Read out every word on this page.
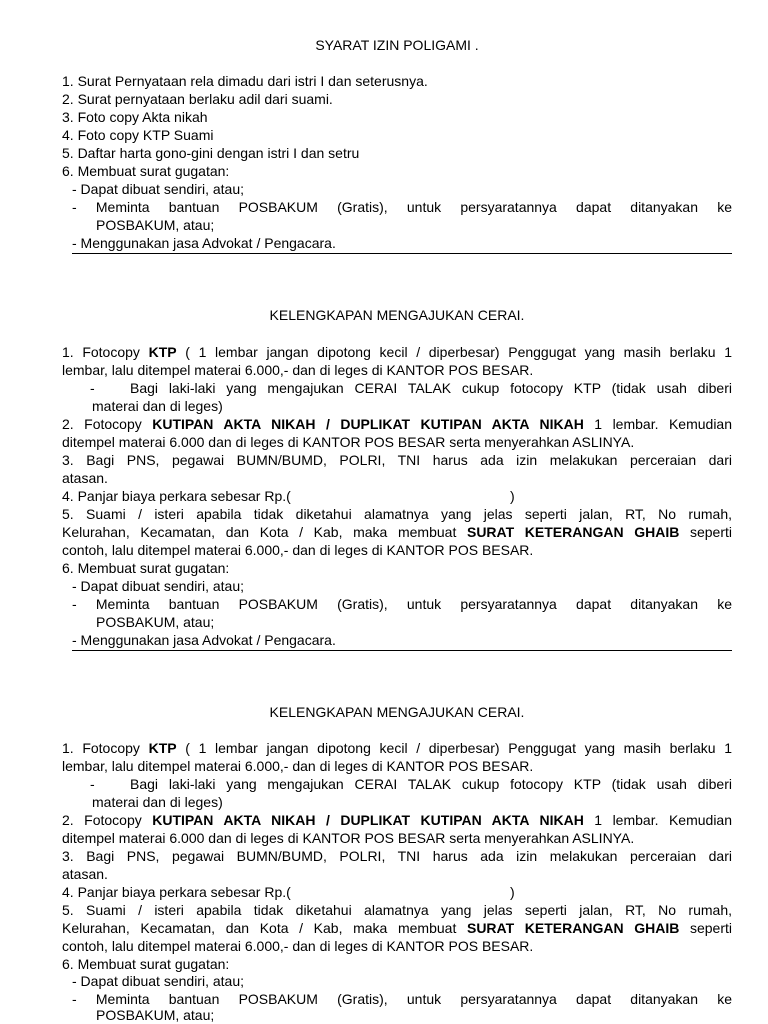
SYARAT IZIN POLIGAMI .
1. Surat Pernyataan rela dimadu dari istri I dan seterusnya.
2. Surat pernyataan berlaku adil dari suami.
3. Foto copy Akta nikah
4. Foto copy KTP Suami
5. Daftar harta gono-gini dengan istri I dan setru
6. Membuat surat gugatan:
- Dapat dibuat sendiri, atau;
- Meminta bantuan POSBAKUM (Gratis), untuk persyaratannya dapat ditanyakan ke
POSBAKUM, atau;
- Menggunakan jasa Advokat / Pengacara.
KELENGKAPAN MENGAJUKAN CERAI.
1. Fotocopy KTP ( 1 lembar jangan dipotong kecil / diperbesar) Penggugat yang masih berlaku 1
lembar, lalu ditempel materai 6.000,- dan di leges di KANTOR POS BESAR.
-	Bagi laki-laki yang mengajukan CERAI TALAK cukup fotocopy KTP (tidak usah diberi
materai dan di leges)
2. Fotocopy KUTIPAN AKTA NIKAH / DUPLIKAT KUTIPAN AKTA NIKAH 1 lembar. Kemudian
ditempel materai 6.000 dan di leges di KANTOR POS BESAR serta menyerahkan ASLINYA.
3. Bagi PNS, pegawai BUMN/BUMD, POLRI, TNI harus ada izin melakukan perceraian dari
atasan.
4. Panjar biaya perkara sebesar Rp.(	)
5. Suami / isteri apabila tidak diketahui alamatnya yang jelas seperti jalan, RT, No rumah,
Kelurahan, Kecamatan, dan Kota / Kab, maka membuat SURAT KETERANGAN GHAIB seperti
contoh, lalu ditempel materai 6.000,- dan di leges di KANTOR POS BESAR.
6. Membuat surat gugatan:
- Dapat dibuat sendiri, atau;
- Meminta bantuan POSBAKUM (Gratis), untuk persyaratannya dapat ditanyakan ke
POSBAKUM, atau;
- Menggunakan jasa Advokat / Pengacara.
KELENGKAPAN MENGAJUKAN CERAI.
1. Fotocopy KTP ( 1 lembar jangan dipotong kecil / diperbesar) Penggugat yang masih berlaku 1
lembar, lalu ditempel materai 6.000,- dan di leges di KANTOR POS BESAR.
-	Bagi laki-laki yang mengajukan CERAI TALAK cukup fotocopy KTP (tidak usah diberi
materai dan di leges)
2. Fotocopy KUTIPAN AKTA NIKAH / DUPLIKAT KUTIPAN AKTA NIKAH 1 lembar. Kemudian
ditempel materai 6.000 dan di leges di KANTOR POS BESAR serta menyerahkan ASLINYA.
3. Bagi PNS, pegawai BUMN/BUMD, POLRI, TNI harus ada izin melakukan perceraian dari
atasan.
4. Panjar biaya perkara sebesar Rp.(	)
5. Suami / isteri apabila tidak diketahui alamatnya yang jelas seperti jalan, RT, No rumah,
Kelurahan, Kecamatan, dan Kota / Kab, maka membuat SURAT KETERANGAN GHAIB seperti
contoh, lalu ditempel materai 6.000,- dan di leges di KANTOR POS BESAR.
6. Membuat surat gugatan:
- Dapat dibuat sendiri, atau;
- Meminta bantuan POSBAKUM (Gratis), untuk persyaratannya dapat ditanyakan ke
POSBAKUM, atau;
